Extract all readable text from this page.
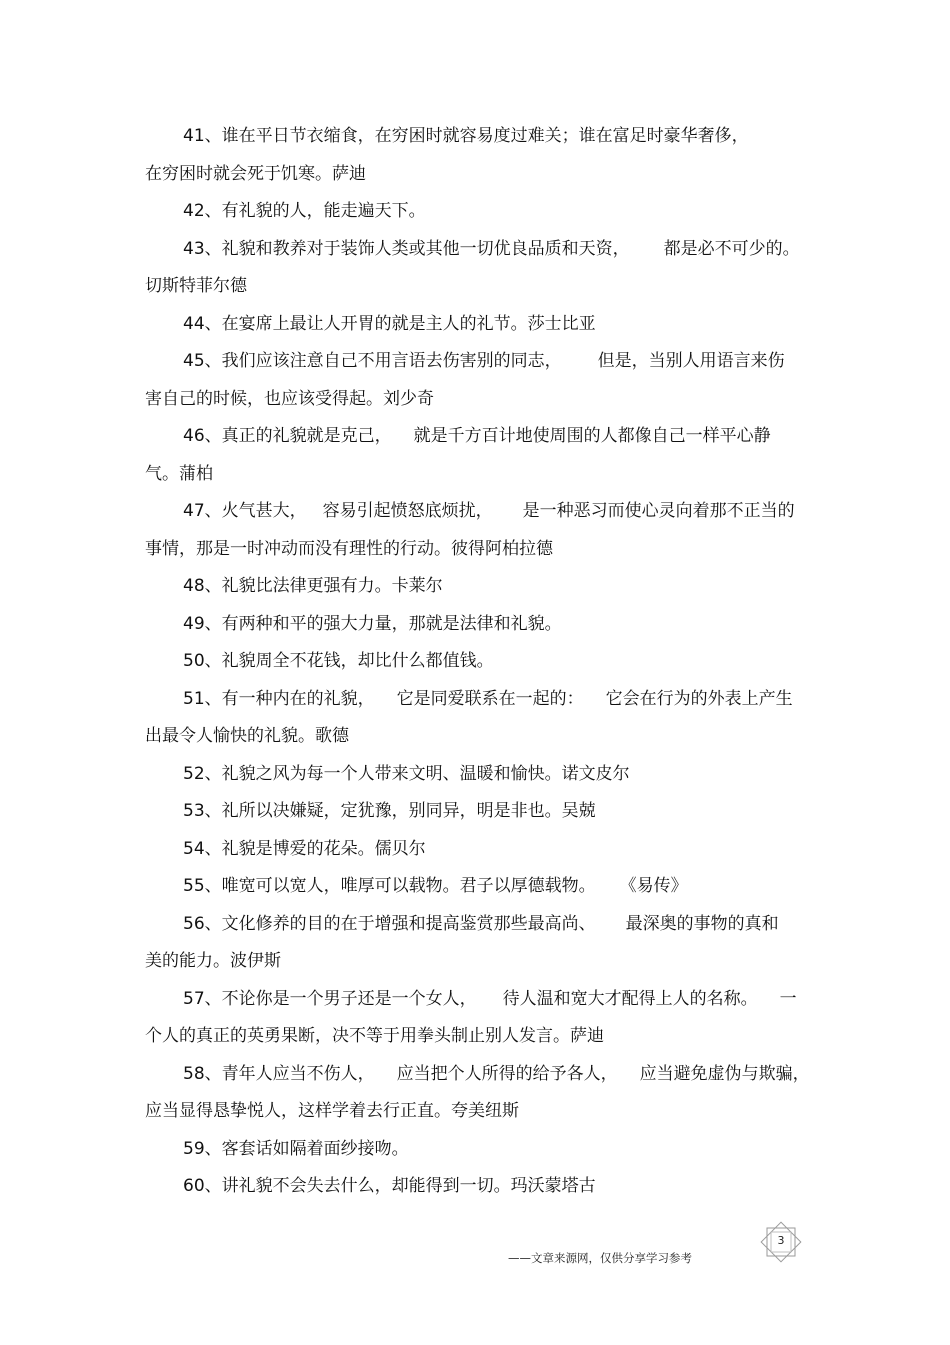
41、谁在平日节衣缩食，在穷困时就容易度过难关；谁在富足时豪华奢侈，
在穷困时就会死于饥寒。萨迪
42、有礼貌的人，能走遍天下。
43、礼貌和教养对于装饰人类或其他一切优良品质和天资， 都是必不可少的。
切斯特菲尔德
44、在宴席上最让人开胃的就是主人的礼节。莎士比亚
45、我们应该注意自己不用言语去伤害别的同志， 但是，当别人用语言来伤
害自己的时候，也应该受得起。刘少奇
46、真正的礼貌就是克己， 就是千方百计地使周围的人都像自己一样平心静
气。蒲柏
47、火气甚大， 容易引起愤怒底烦扰， 是一种恶习而使心灵向着那不正当的
事情，那是一时冲动而没有理性的行动。彼得阿柏拉德
48、礼貌比法律更强有力。卡莱尔
49、有两种和平的强大力量，那就是法律和礼貌。
50、礼貌周全不花钱，却比什么都值钱。
51、有一种内在的礼貌， 它是同爱联系在一起的： 它会在行为的外表上产生
出最令人愉快的礼貌。歌德
52、礼貌之风为每一个人带来文明、温暖和愉快。诺文皮尔
53、礼所以决嫌疑，定犹豫，别同异，明是非也。吴兢
54、礼貌是博爱的花朵。儒贝尔
55、唯宽可以宽人，唯厚可以载物。君子以厚德载物。 《易传》
56、文化修养的目的在于增强和提高鉴赏那些最高尚、 最深奥的事物的真和
美的能力。波伊斯
57、不论你是一个男子还是一个女人， 待人温和宽大才配得上人的名称。 一
个人的真正的英勇果断，决不等于用拳头制止别人发言。萨迪
58、青年人应当不伤人， 应当把个人所得的给予各人， 应当避免虚伪与欺骗，
应当显得恳挚悦人，这样学着去行正直。夸美纽斯
59、客套话如隔着面纱接吻。
60、讲礼貌不会失去什么，却能得到一切。玛沃蒙塔古
3
——文章来源网，仅供分享学习参考
